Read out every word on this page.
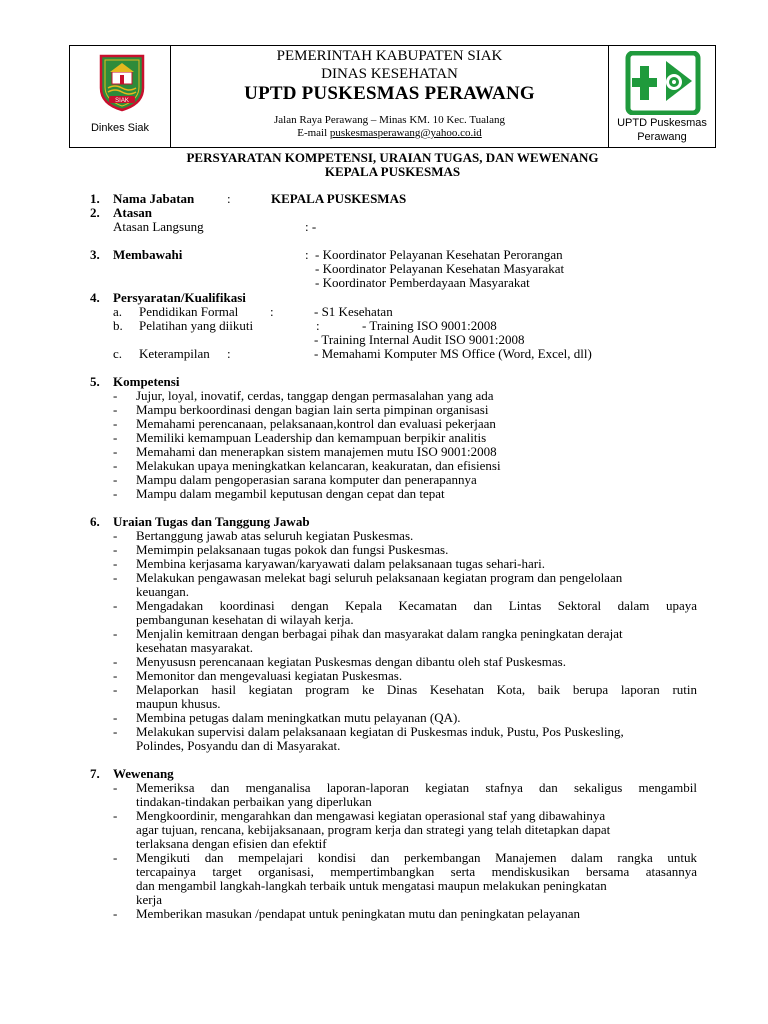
SIAK
Dinkes Siak
PEMERINTAH KABUPATEN SIAK
DINAS KESEHATAN
UPTD PUSKESMAS PERAWANG
Jalan Raya Perawang – Minas KM. 10 Kec. Tualang
E-mail puskesmasperawang@yahoo.co.id
UPTD Puskesmas
Perawang
PERSYARATAN KOMPETENSI, URAIAN TUGAS, DAN WEWENANG
KEPALA PUSKESMAS
1. Nama Jabatan	:	KEPALA PUSKESMAS
2. Atasan
Atasan Langsung	: -
3. Membawahi	: - Koordinator Pelayanan Kesehatan Perorangan
- Koordinator Pelayanan Kesehatan Masyarakat
- Koordinator Pemberdayaan Masyarakat
4. Persyaratan/Kualifikasi
a. Pendidikan Formal :	- S1 Kesehatan
b. Pelatihan yang diikuti	:	- Training ISO 9001:2008
- Training Internal Audit ISO 9001:2008
c. Keterampilan :	- Memahami Komputer MS Office (Word, Excel, dll)
5. Kompetensi
- Jujur, loyal, inovatif, cerdas, tanggap dengan permasalahan yang ada
- Mampu berkoordinasi dengan bagian lain serta pimpinan organisasi
- Memahami perencanaan, pelaksanaan,kontrol dan evaluasi pekerjaan
- Memiliki kemampuan Leadership dan kemampuan berpikir analitis
- Memahami dan menerapkan sistem manajemen mutu ISO 9001:2008
- Melakukan upaya meningkatkan kelancaran, keakuratan, dan efisiensi
- Mampu dalam pengoperasian sarana komputer dan penerapannya
- Mampu dalam megambil keputusan dengan cepat dan tepat
6. Uraian Tugas dan Tanggung Jawab
- Bertanggung jawab atas seluruh kegiatan Puskesmas.
- Memimpin pelaksanaan tugas pokok dan fungsi Puskesmas.
- Membina kerjasama karyawan/karyawati dalam pelaksanaan tugas sehari-hari.
- Melakukan pengawasan melekat bagi seluruh pelaksanaan kegiatan program dan pengelolaan
keuangan.
- Mengadakan koordinasi dengan Kepala Kecamatan dan Lintas Sektoral dalam upaya
pembangunan kesehatan di wilayah kerja.
- Menjalin kemitraan dengan berbagai pihak dan masyarakat dalam rangka peningkatan derajat
kesehatan masyarakat.
- Menyususn perencanaan kegiatan Puskesmas dengan dibantu oleh staf Puskesmas.
- Memonitor dan mengevaluasi kegiatan Puskesmas.
- Melaporkan hasil kegiatan program ke Dinas Kesehatan Kota, baik berupa laporan rutin
maupun khusus.
- Membina petugas dalam meningkatkan mutu pelayanan (QA).
- Melakukan supervisi dalam pelaksanaan kegiatan di Puskesmas induk, Pustu, Pos Puskesling,
Polindes, Posyandu dan di Masyarakat.
7. Wewenang
- Memeriksa dan menganalisa laporan-laporan kegiatan stafnya dan sekaligus mengambil
tindakan-tindakan perbaikan yang diperlukan
- Mengkoordinir, mengarahkan dan mengawasi kegiatan operasional staf yang dibawahinya
agar tujuan, rencana, kebijaksanaan, program kerja dan strategi yang telah ditetapkan dapat
terlaksana dengan efisien dan efektif
- Mengikuti dan mempelajari kondisi dan perkembangan Manajemen dalam rangka untuk
tercapainya target organisasi, mempertimbangkan serta mendiskusikan bersama atasannya
dan mengambil langkah-langkah terbaik untuk mengatasi maupun melakukan peningkatan
kerja
- Memberikan masukan /pendapat untuk peningkatan mutu dan peningkatan pelayanan
